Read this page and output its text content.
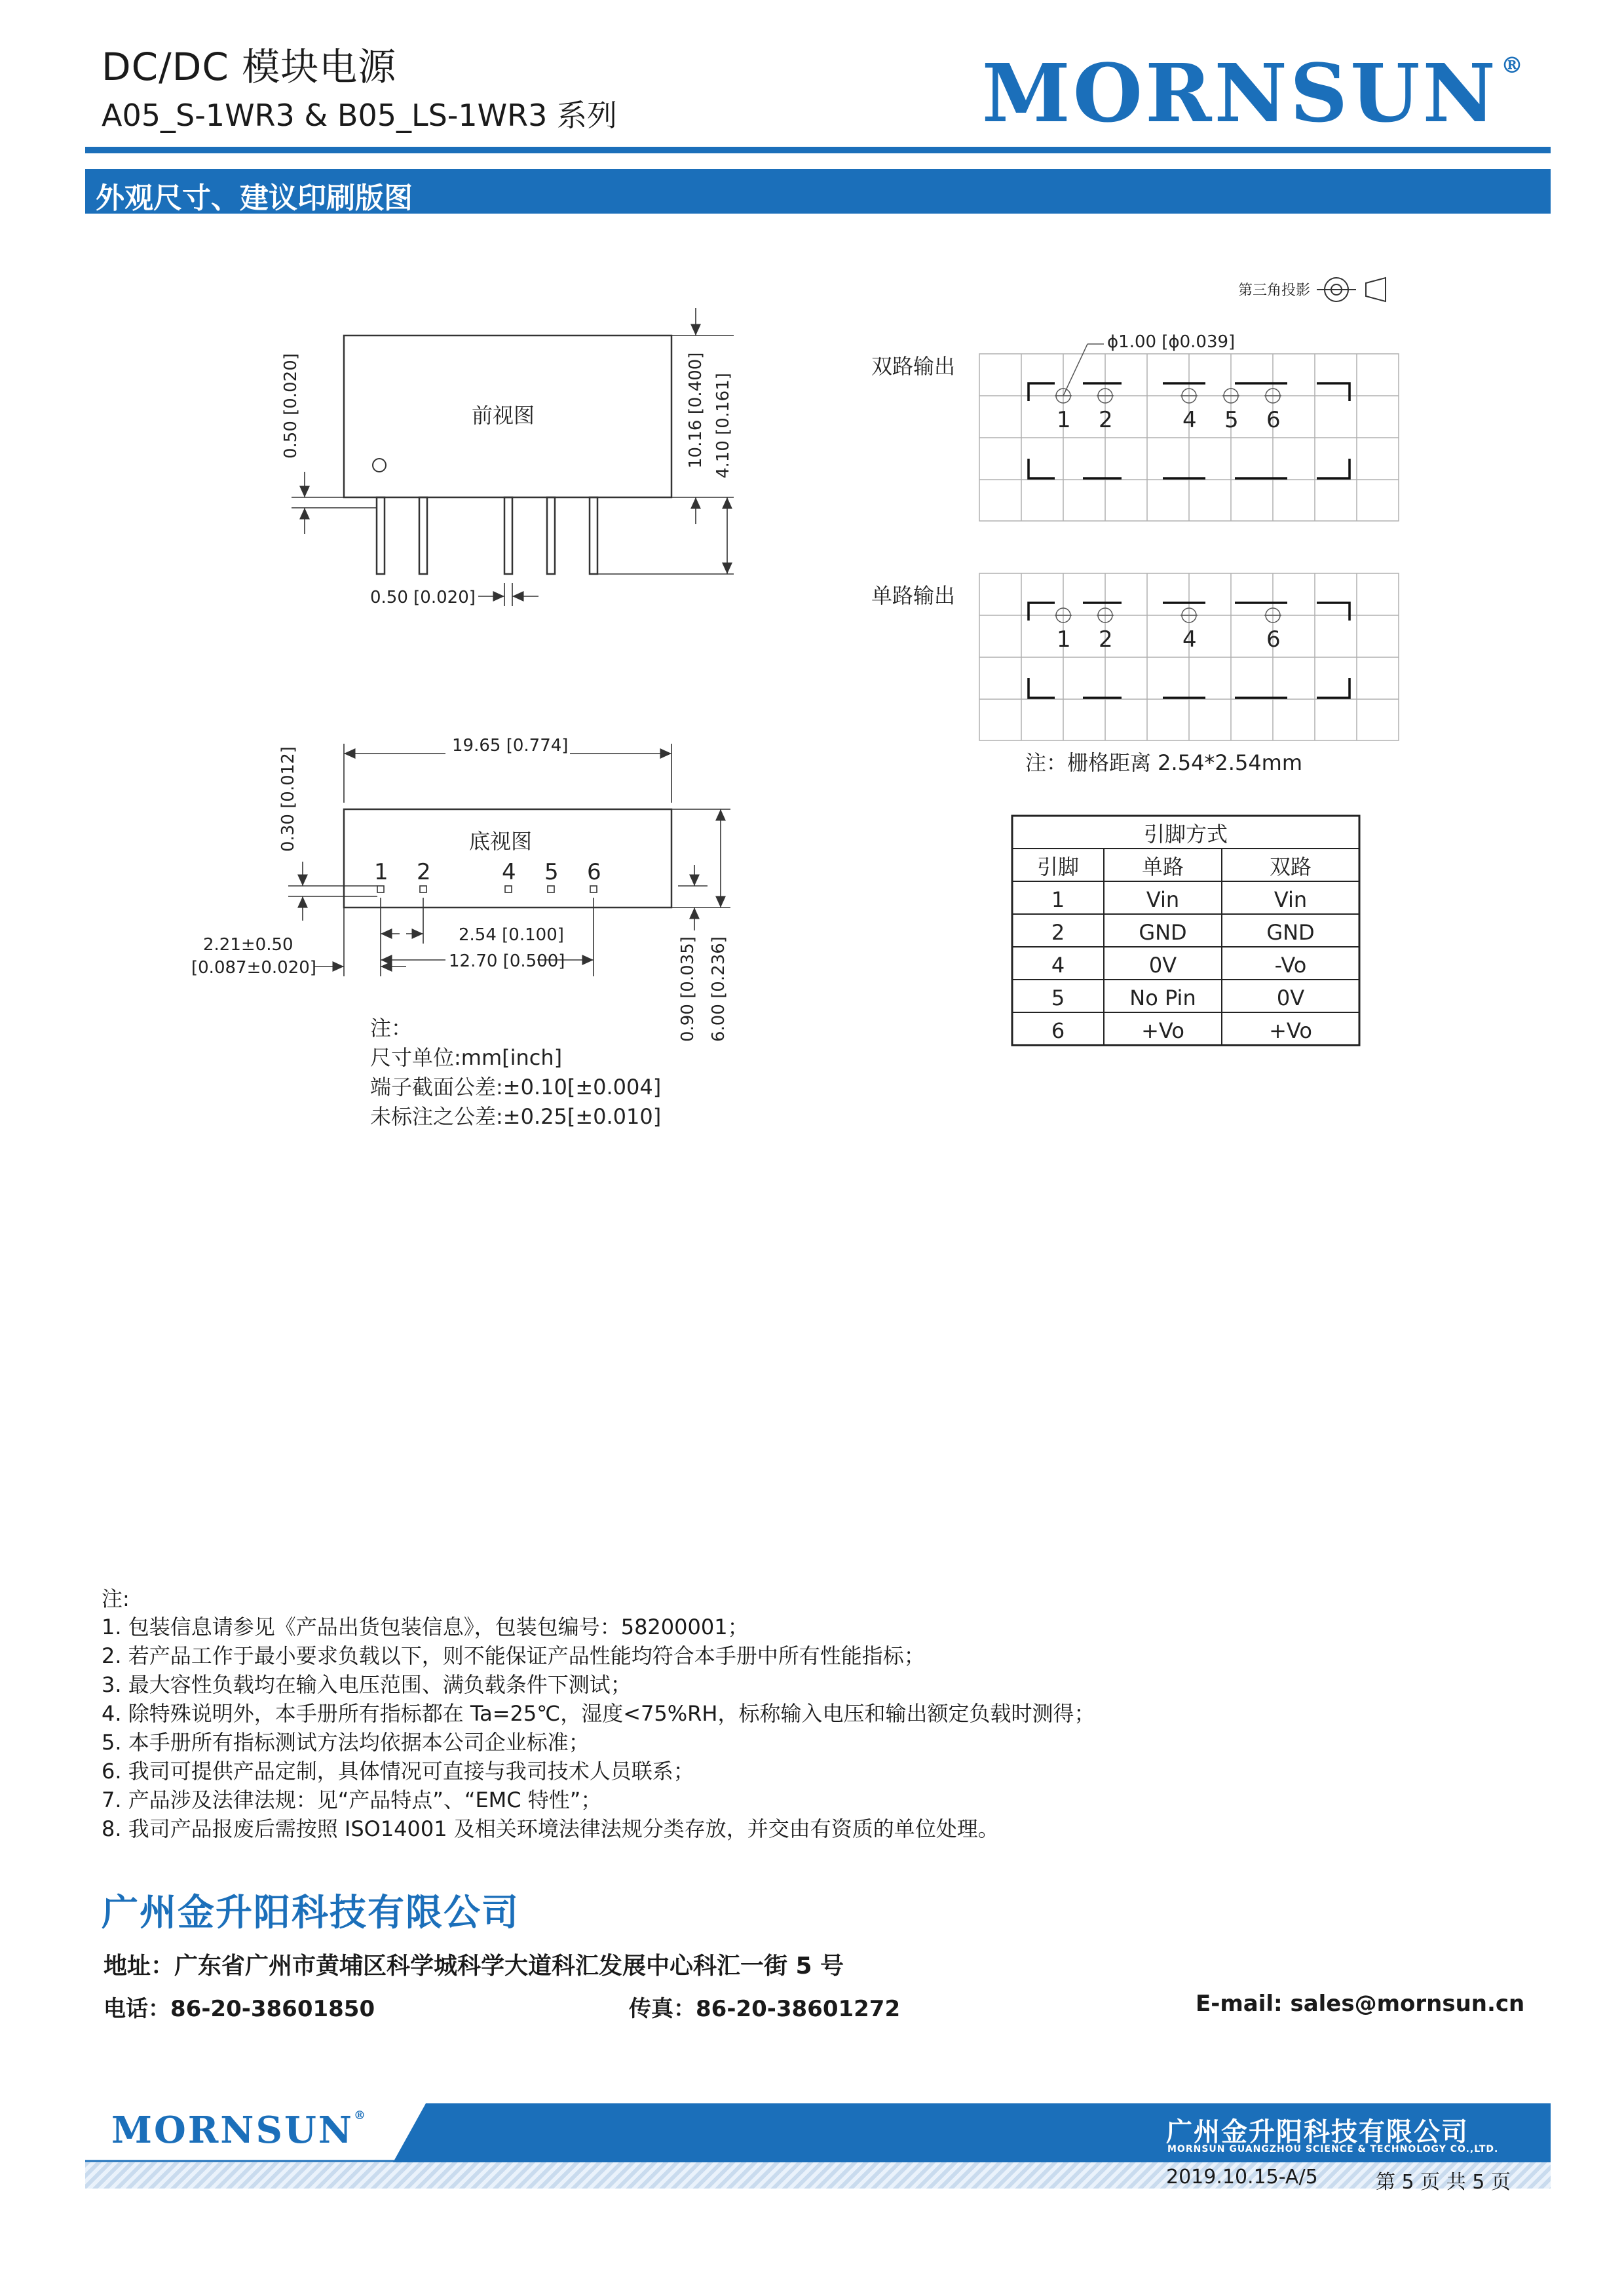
DC/DC 模块电源
A05_S-1WR3 & B05_LS-1WR3 系列	MORNSUN ®
外观尺寸、建议印刷版图
0.50 [0.020]	10.16 [0.400] 4.10 [0.161]
0.50 [0.020]
前视图
19.65 [0.774]
0.30 [0.012]
2.54 [0.100]
12.70 [0.500]
2.21±0.50
[0.087±0.020]	0.90 [0.035] 6.00 [0.236]
底视图
1 2	4 5 6
注：
尺寸单位:mm[inch]
端子截面公差:±0.10[±0.004]
未标注之公差:±0.25[±0.010]
第三角投影
双路输出
ϕ1.00 [ϕ0.039]
1 2	4 5 6
单路输出
1 2	4	6
注：栅格距离 2.54*2.54mm
引脚方式
引脚	单路	双路
1	Vin	Vin
2	GND	GND
4	0V	-Vo
5	No Pin	0V
6	+Vo	+Vo
注:
1. 包装信息请参见《产品出货包装信息》，包装包编号：58200001；
2. 若产品工作于最小要求负载以下，则不能保证产品性能均符合本手册中所有性能指标；
3. 最大容性负载均在输入电压范围、满负载条件下测试；
4. 除特殊说明外，本手册所有指标都在 Ta=25℃，湿度<75%RH，标称输入电压和输出额定负载时测得；
5. 本手册所有指标测试方法均依据本公司企业标准；
6. 我司可提供产品定制，具体情况可直接与我司技术人员联系；
7. 产品涉及法律法规：见“产品特点”、“EMC 特性”；
8. 我司产品报废后需按照 ISO14001 及相关环境法律法规分类存放，并交由有资质的单位处理。
广州金升阳科技有限公司
地址：广东省广州市黄埔区科学城科学大道科汇发展中心科汇一街 5 号
电话：86-20-38601850	传真：86-20-38601272	E-mail: sales@mornsun.cn
MORNSUN®
广州金升阳科技有限公司
MORNSUN GUANGZHOU SCIENCE & TECHNOLOGY CO.,LTD.
2019.10.15-A/5	第 5 页 共 5 页
